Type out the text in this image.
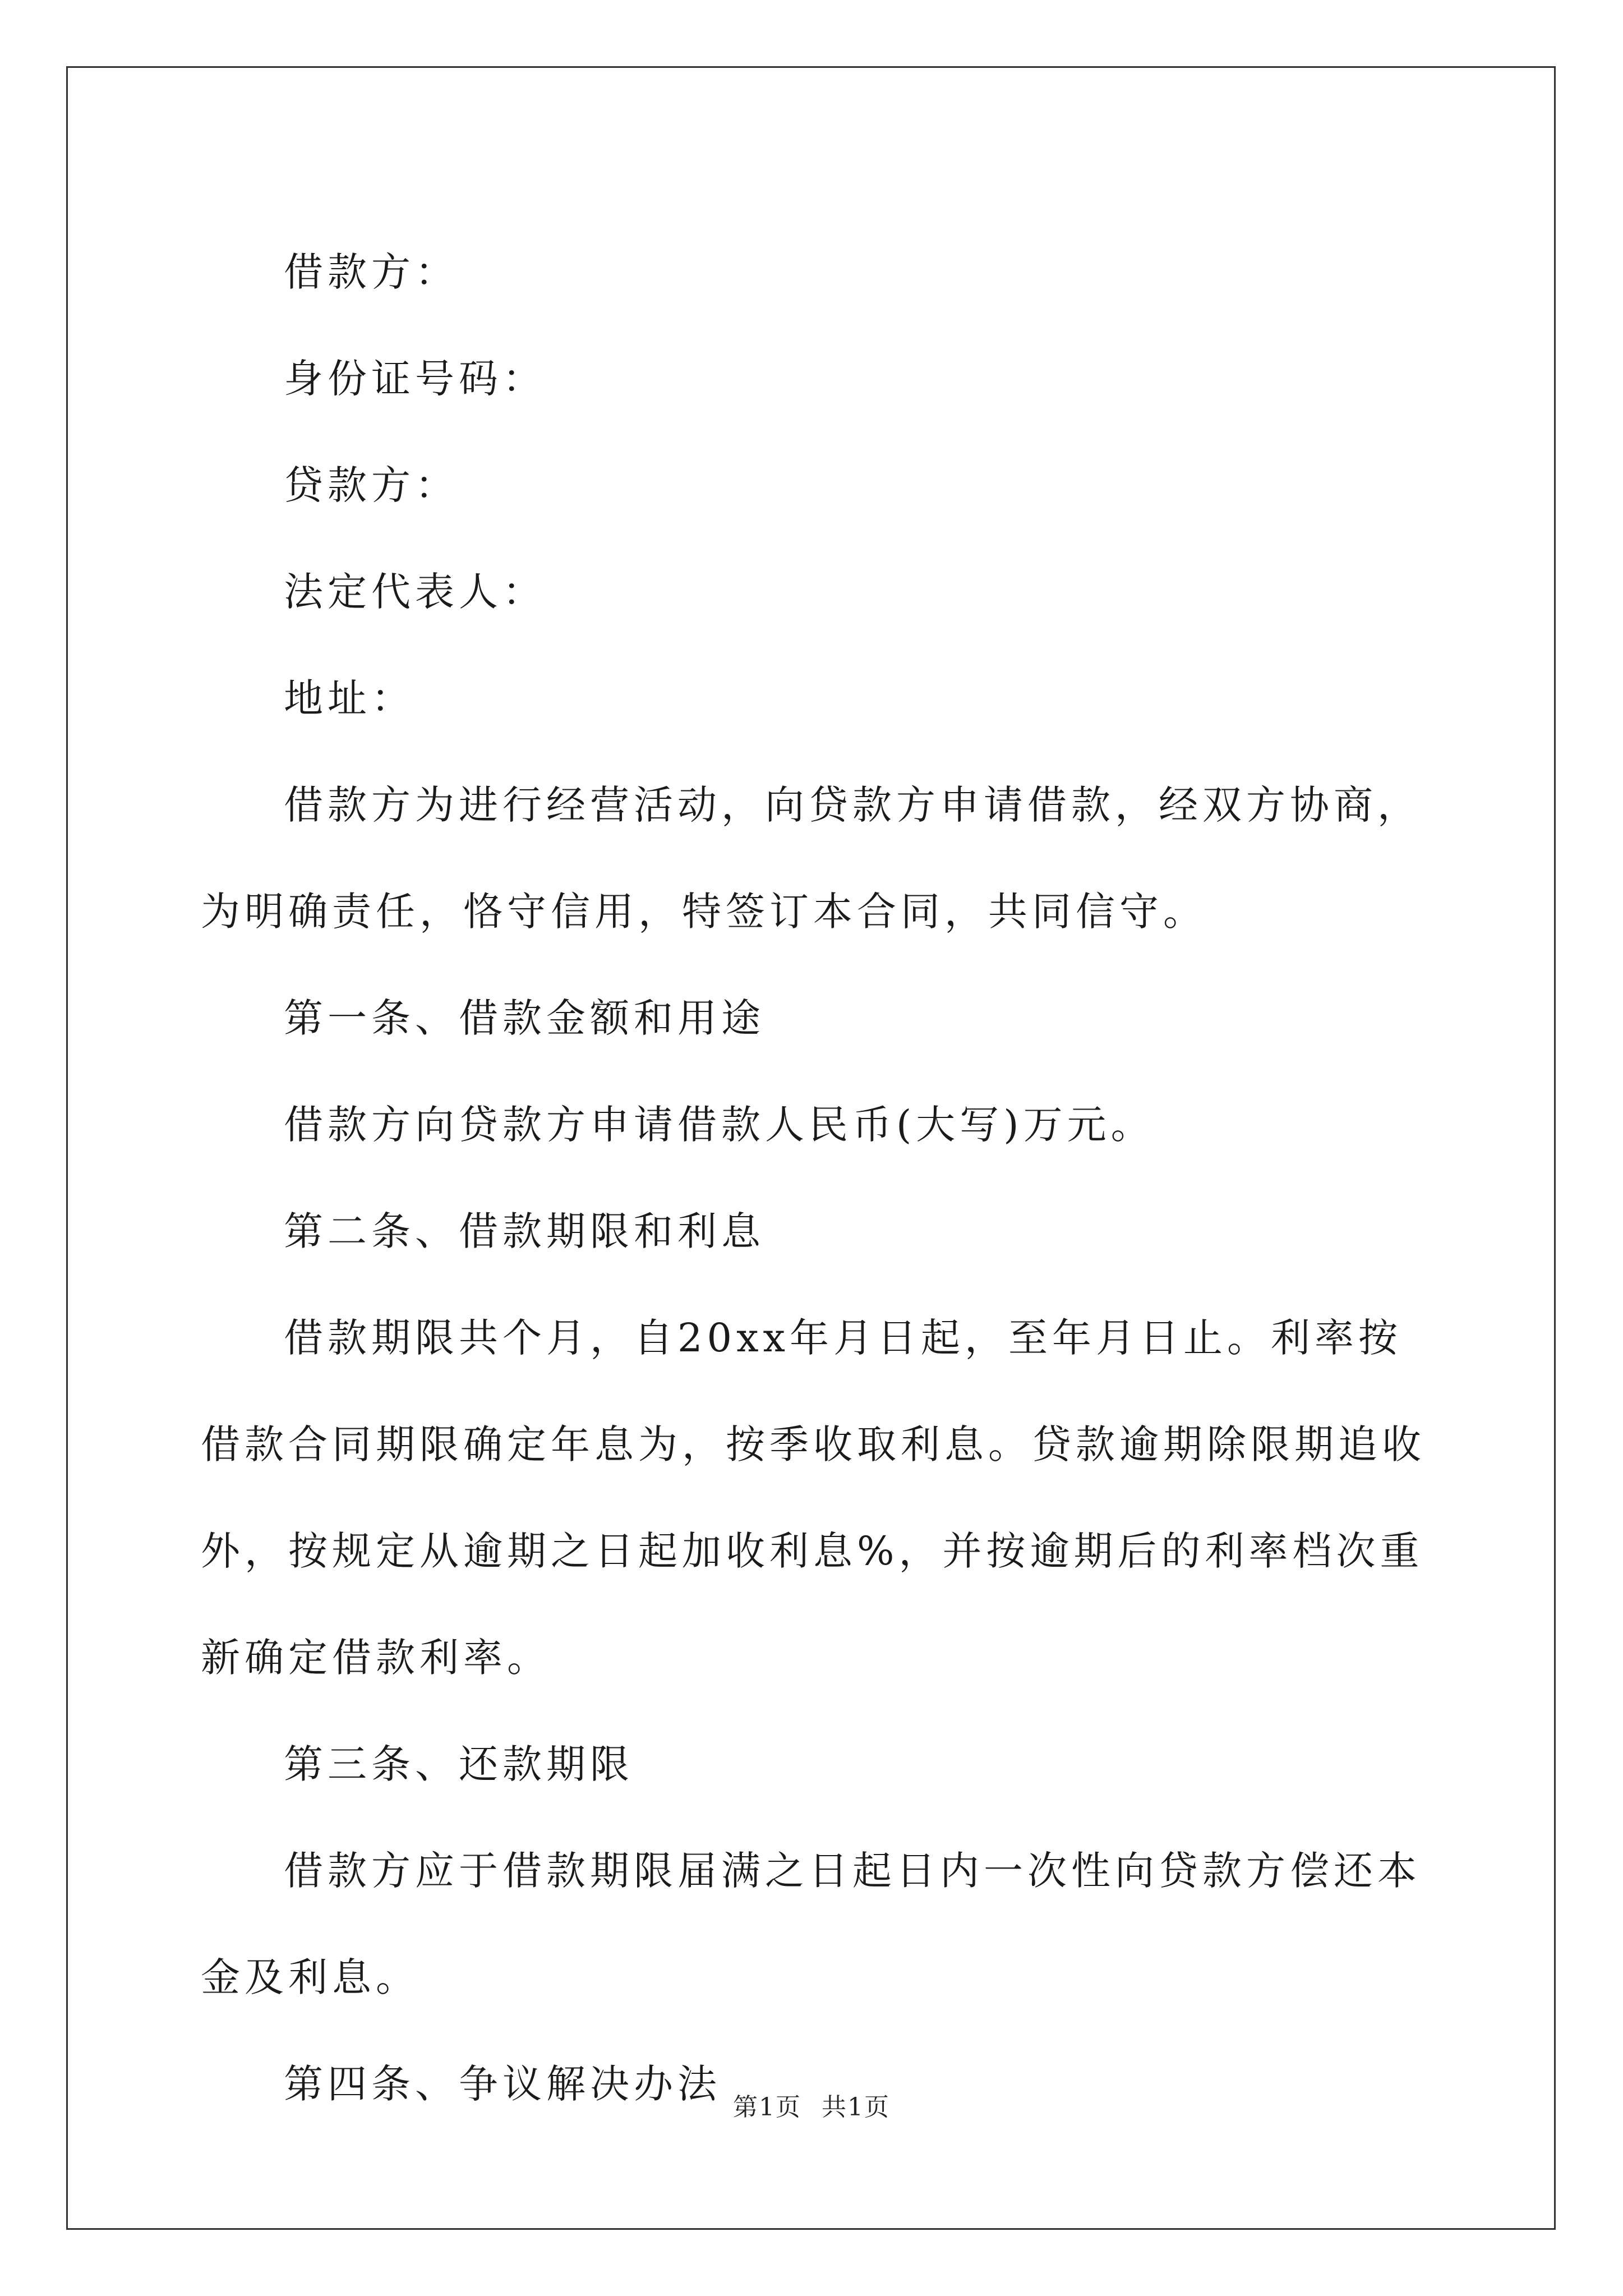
借款方：

身份证号码：

贷款方：

法定代表人：

地址：

借款方为进行经营活动，向贷款方申请借款，经双方协商，为明确责任，恪守信用，特签订本合同，共同信守。

第一条、借款金额和用途

借款方向贷款方申请借款人民币(大写)万元。

第二条、借款期限和利息

借款期限共个月，自20xx年月日起，至年月日止。利率按借款合同期限确定年息为，按季收取利息。贷款逾期除限期追收外，按规定从逾期之日起加收利息%，并按逾期后的利率档次重新确定借款利率。

第三条、还款期限

借款方应于借款期限届满之日起日内一次性向贷款方偿还本金及利息。

第四条、争议解决办法

第1页 共1页
